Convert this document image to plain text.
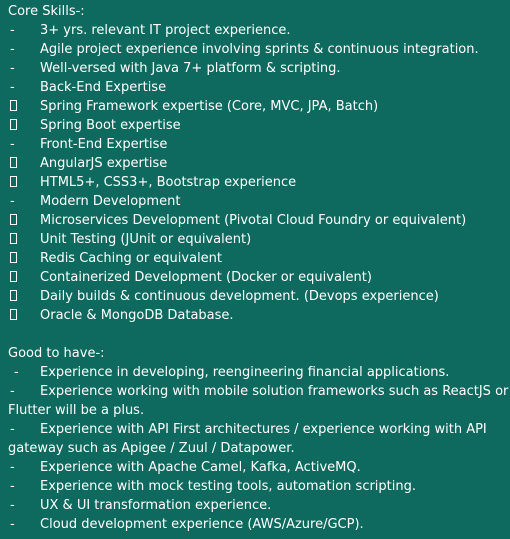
Core Skills-:
-	3+ yrs. relevant IT project experience.
-	Agile project experience involving sprints & continuous integration.
-	Well-versed with Java 7+ platform & scripting.
-	Back-End Expertise
Spring Framework expertise (Core, MVC, JPA, Batch)
Spring Boot expertise
-	Front-End Expertise
AngularJS expertise
HTML5+, CSS3+, Bootstrap experience
-	Modern Development
Microservices Development (Pivotal Cloud Foundry or equivalent)
Unit Testing (JUnit or equivalent)
Redis Caching or equivalent
Containerized Development (Docker or equivalent)
Daily builds & continuous development. (Devops experience)
Oracle & MongoDB Database.
Good to have-:
-	Experience in developing, reengineering financial applications.
-	Experience working with mobile solution frameworks such as ReactJS or
Flutter will be a plus.
-	Experience with API First architectures / experience working with API
gateway such as Apigee / Zuul / Datapower.
-	Experience with Apache Camel, Kafka, ActiveMQ.
-	Experience with mock testing tools, automation scripting.
-	UX & UI transformation experience.
-	Cloud development experience (AWS/Azure/GCP).
